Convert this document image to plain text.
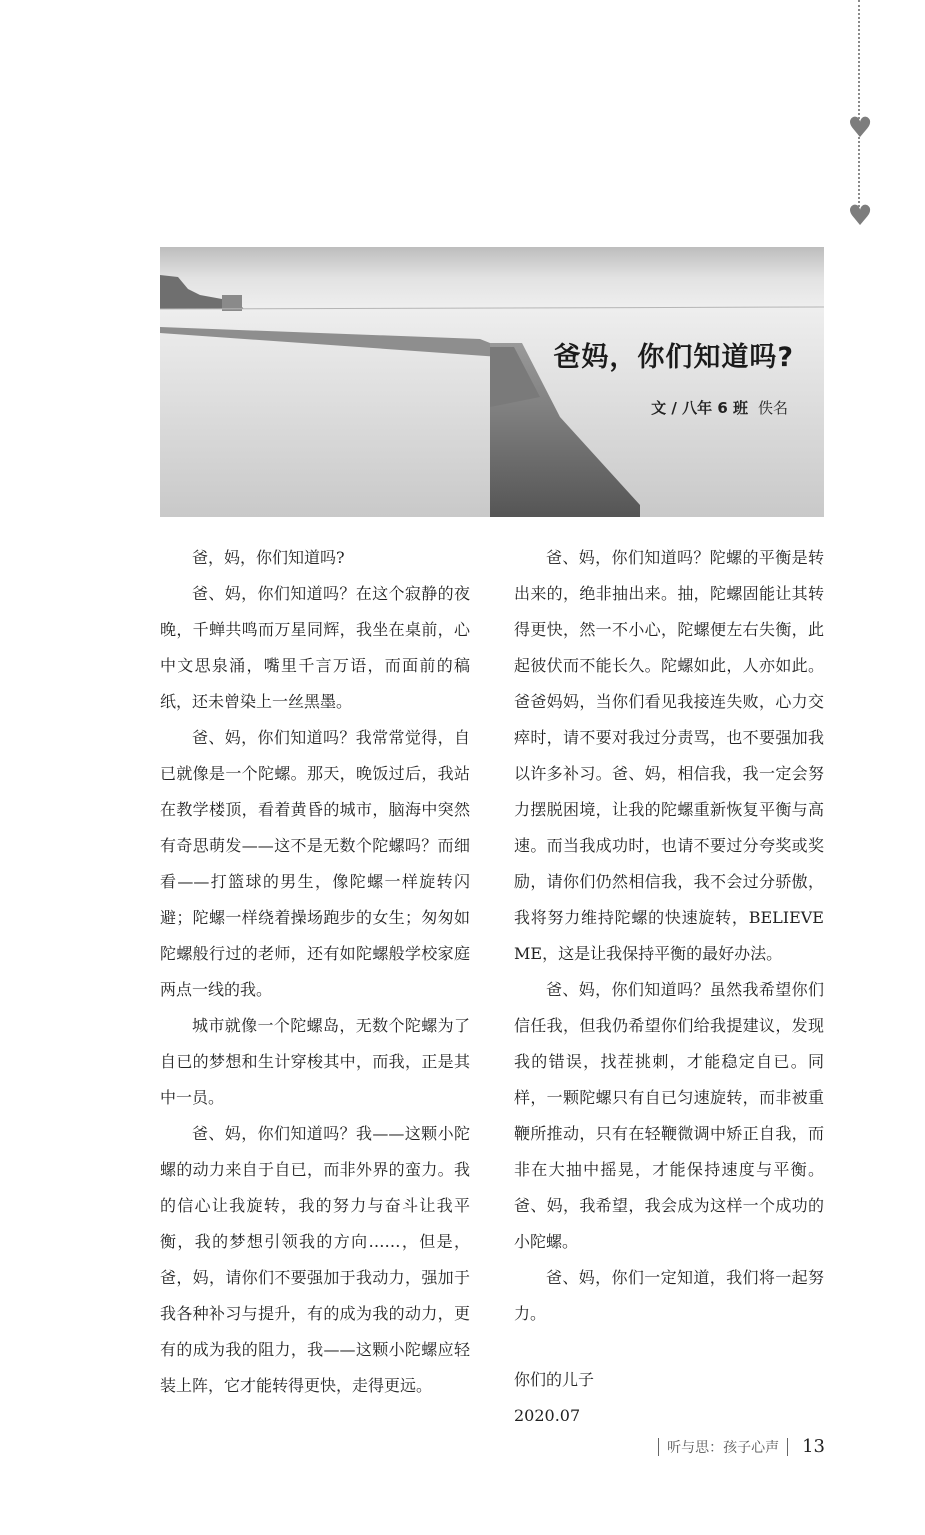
♥
♥
爸妈，你们知道吗?
文 / 八年 6 班 佚名

爸，妈，你们知道吗?

爸、妈，你们知道吗？在这个寂静的夜晚，千蝉共鸣而万星同辉，我坐在桌前，心中文思泉涌，嘴里千言万语，而面前的稿纸，还未曾染上一丝黑墨。

爸、妈，你们知道吗？我常常觉得，自已就像是一个陀螺。那天，晚饭过后，我站在教学楼顶，看着黄昏的城市，脑海中突然有奇思萌发——这不是无数个陀螺吗？而细看——打篮球的男生，像陀螺一样旋转闪避；陀螺一样绕着操场跑步的女生；匆匆如陀螺般行过的老师，还有如陀螺般学校家庭两点一线的我。

城市就像一个陀螺岛，无数个陀螺为了自已的梦想和生计穿梭其中，而我，正是其中一员。

爸、妈，你们知道吗？我——这颗小陀螺的动力来自于自已，而非外界的蛮力。我的信心让我旋转，我的努力与奋斗让我平衡，我的梦想引领我的方向……，但是，爸，妈，请你们不要强加于我动力，强加于我各种补习与提升，有的成为我的动力，更有的成为我的阻力，我——这颗小陀螺应轻装上阵，它才能转得更快，走得更远。

爸、妈，你们知道吗？陀螺的平衡是转出来的，绝非抽出来。抽，陀螺固能让其转得更快，然一不小心，陀螺便左右失衡，此起彼伏而不能长久。陀螺如此，人亦如此。爸爸妈妈，当你们看见我接连失败，心力交瘁时，请不要对我过分责骂，也不要强加我以许多补习。爸、妈，相信我，我一定会努力摆脱困境，让我的陀螺重新恢复平衡与高速。而当我成功时，也请不要过分夸奖或奖励，请你们仍然相信我，我不会过分骄傲，我将努力维持陀螺的快速旋转，BELIEVE ME，这是让我保持平衡的最好办法。

爸、妈，你们知道吗？虽然我希望你们信任我，但我仍希望你们给我提建议，发现我的错误，找茬挑刺，才能稳定自已。同样，一颗陀螺只有自已匀速旋转，而非被重鞭所推动，只有在轻鞭微调中矫正自我，而非在大抽中摇晃，才能保持速度与平衡。爸、妈，我希望，我会成为这样一个成功的小陀螺。

爸、妈，你们一定知道，我们将一起努力。

你们的儿子

2020.07

听与思：孩子心声 13
